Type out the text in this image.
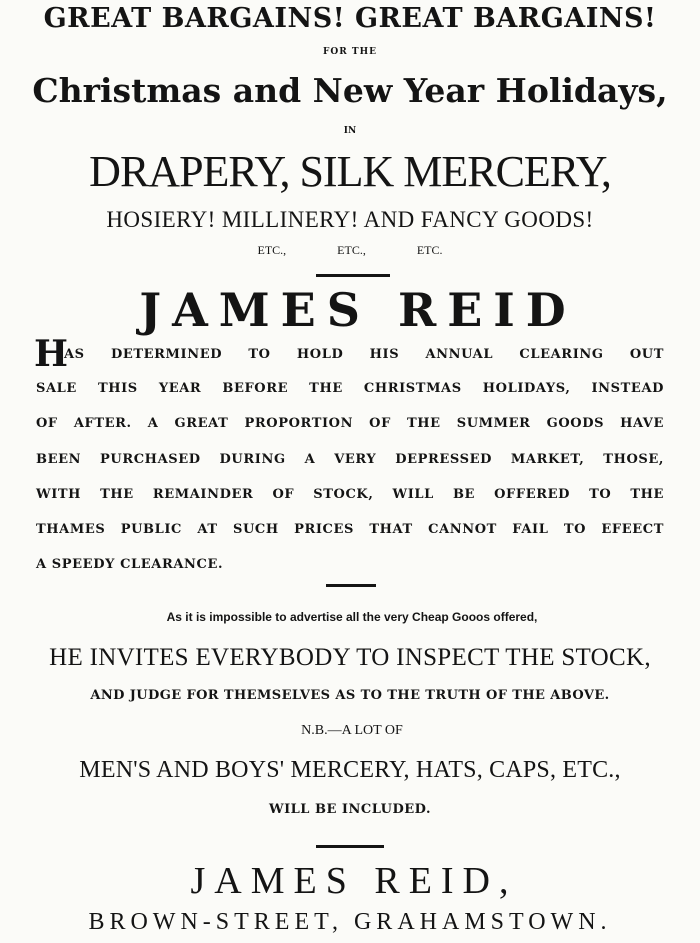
GREAT BARGAINS! GREAT BARGAINS!
FOR THE
Christmas and New Year Holidays,
IN
DRAPERY, SILK MERCERY,
HOSIERY! MILLINERY! AND FANCY GOODS!
ETC.,	ETC.,	ETC.
JAMES REID
H
AS DETERMINED TO HOLD HIS ANNUAL CLEARING OUT
SALE THIS YEAR BEFORE THE CHRISTMAS HOLIDAYS, INSTEAD
OF AFTER. A GREAT PROPORTION OF THE SUMMER GOODS HAVE
BEEN PURCHASED DURING A VERY DEPRESSED MARKET, THOSE,
WITH THE REMAINDER OF STOCK, WILL BE OFFERED TO THE
THAMES PUBLIC AT SUCH PRICES THAT CANNOT FAIL TO EFEECT
A SPEEDY CLEARANCE.
As it is impossible to advertise all the very Cheap Gooos offered,
HE INVITES EVERYBODY TO INSPECT THE STOCK,
AND JUDGE FOR THEMSELVES AS TO THE TRUTH OF THE ABOVE.
N.B.—A LOT OF
MEN'S AND BOYS' MERCERY, HATS, CAPS, ETC.,
WILL BE INCLUDED.
JAMES REID,
BROWN-STREET, GRAHAMSTOWN.
